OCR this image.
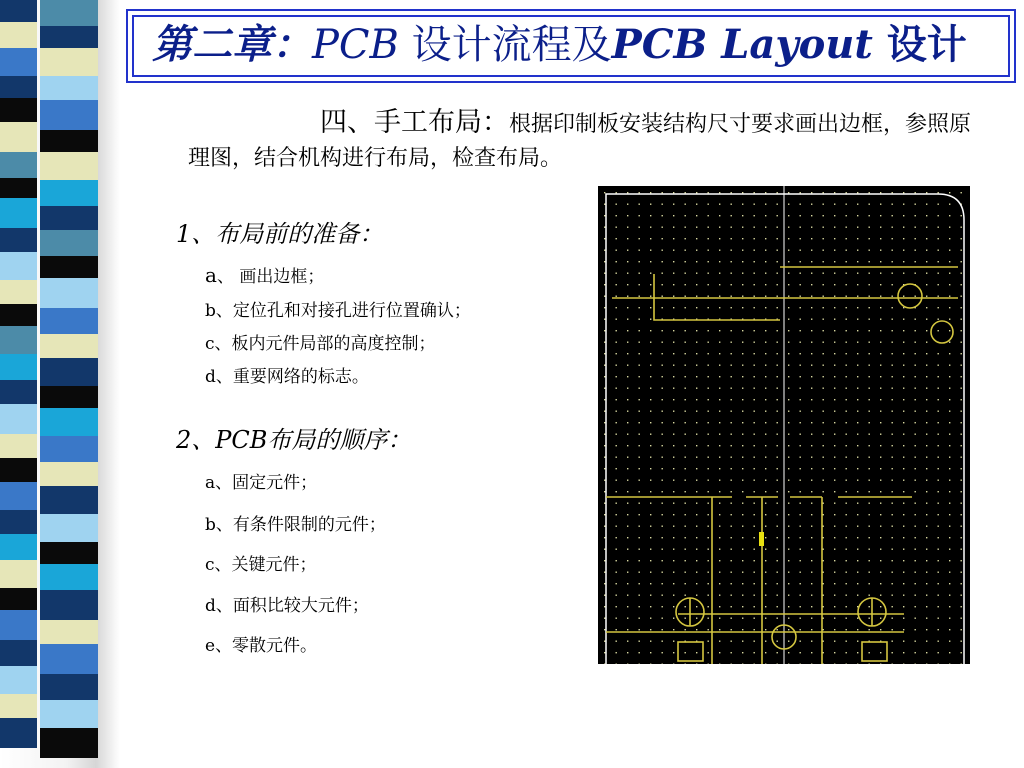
第二章：PCB 设计流程及PCB Layout 设计
四、手工布局：根据印制板安装结构尺寸要求画出边框，参照原理图，结合机构进行布局，检查布局。
1、布局前的准备：
a、 画出边框；
b、定位孔和对接孔进行位置确认；
c、板内元件局部的高度控制；
d、重要网络的标志。
2、PCB布局的顺序：
a、固定元件；
b、有条件限制的元件；
c、关键元件；
d、面积比较大元件；
e、零散元件。
